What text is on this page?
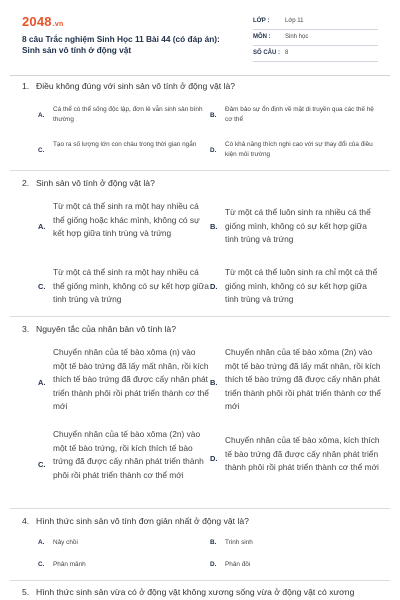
2048.vn
8 câu Trắc nghiệm Sinh Học 11 Bài 44 (có đáp án): Sinh sản vô tính ở động vật
LỚP :	Lớp 11
MÔN : Sinh học
SỐ CÂU : 8
1. Điều không đúng với sinh sản vô tính ở động vật là?
A.
Cá thể có thể sống độc lập, đơn lẻ vẫn sinh sản bình thường
B.
Đảm bảo sự ổn định về mặt di truyền qua các thế hệ cơ thể
C.
Tạo ra số lượng lớn con cháu trong thời gian ngắn
D.
Có khả năng thích nghi cao với sự thay đổi của điều kiện môi trường
2. Sinh sản vô tính ở động vật là?
A.
Từ một cá thể sinh ra một hay nhiều cá thể giống hoặc khác mình, không có sự kết hợp giữa tinh trùng và trứng
B.
Từ một cá thể luôn sinh ra nhiều cá thể giống mình, không có sự kết hợp giữa tinh trùng và trứng
C.
Từ một cá thể sinh ra một hay nhiều cá thể giống mình, không có sự kết hợp giữa tinh trùng và trứng
D.
Từ một cá thể luôn sinh ra chỉ một cá thể giống mình, không có sự kết hợp giữa tinh trùng và trứng
3. Nguyên tắc của nhân bản vô tính là?
A.
Chuyển nhân của tế bào xôma (n) vào một tế bào trứng đã lấy mất nhân, rồi kích thích tế bào trứng đã được cấy nhân phát triển thành phôi rồi phát triển thành cơ thể mới
B.
Chuyển nhân của tế bào xôma (2n) vào một tế bào trứng đã lấy mất nhân, rồi kích thích tế bào trứng đã được cấy nhân phát triển thành phôi rồi phát triển thành cơ thể mới
C.
Chuyển nhân của tế bào xôma (2n) vào một tế bào trứng, rồi kích thích tế bào trứng đã được cấy nhân phát triển thành phôi rồi phát triển thành cơ thể mới
D.
Chuyển nhân của tế bào xôma, kích thích tế bào trứng đã được cấy nhân phát triển thành phôi rồi phát triển thành cơ thể mới
4. Hình thức sinh sản vô tính đơn giản nhất ở động vật là?
A. Nảy chồi	B. Trinh sinh
C. Phân mảnh	D. Phân đôi
5. Hình thức sinh sản vừa có ở động vật không xương sống vừa ở động vật có xương
